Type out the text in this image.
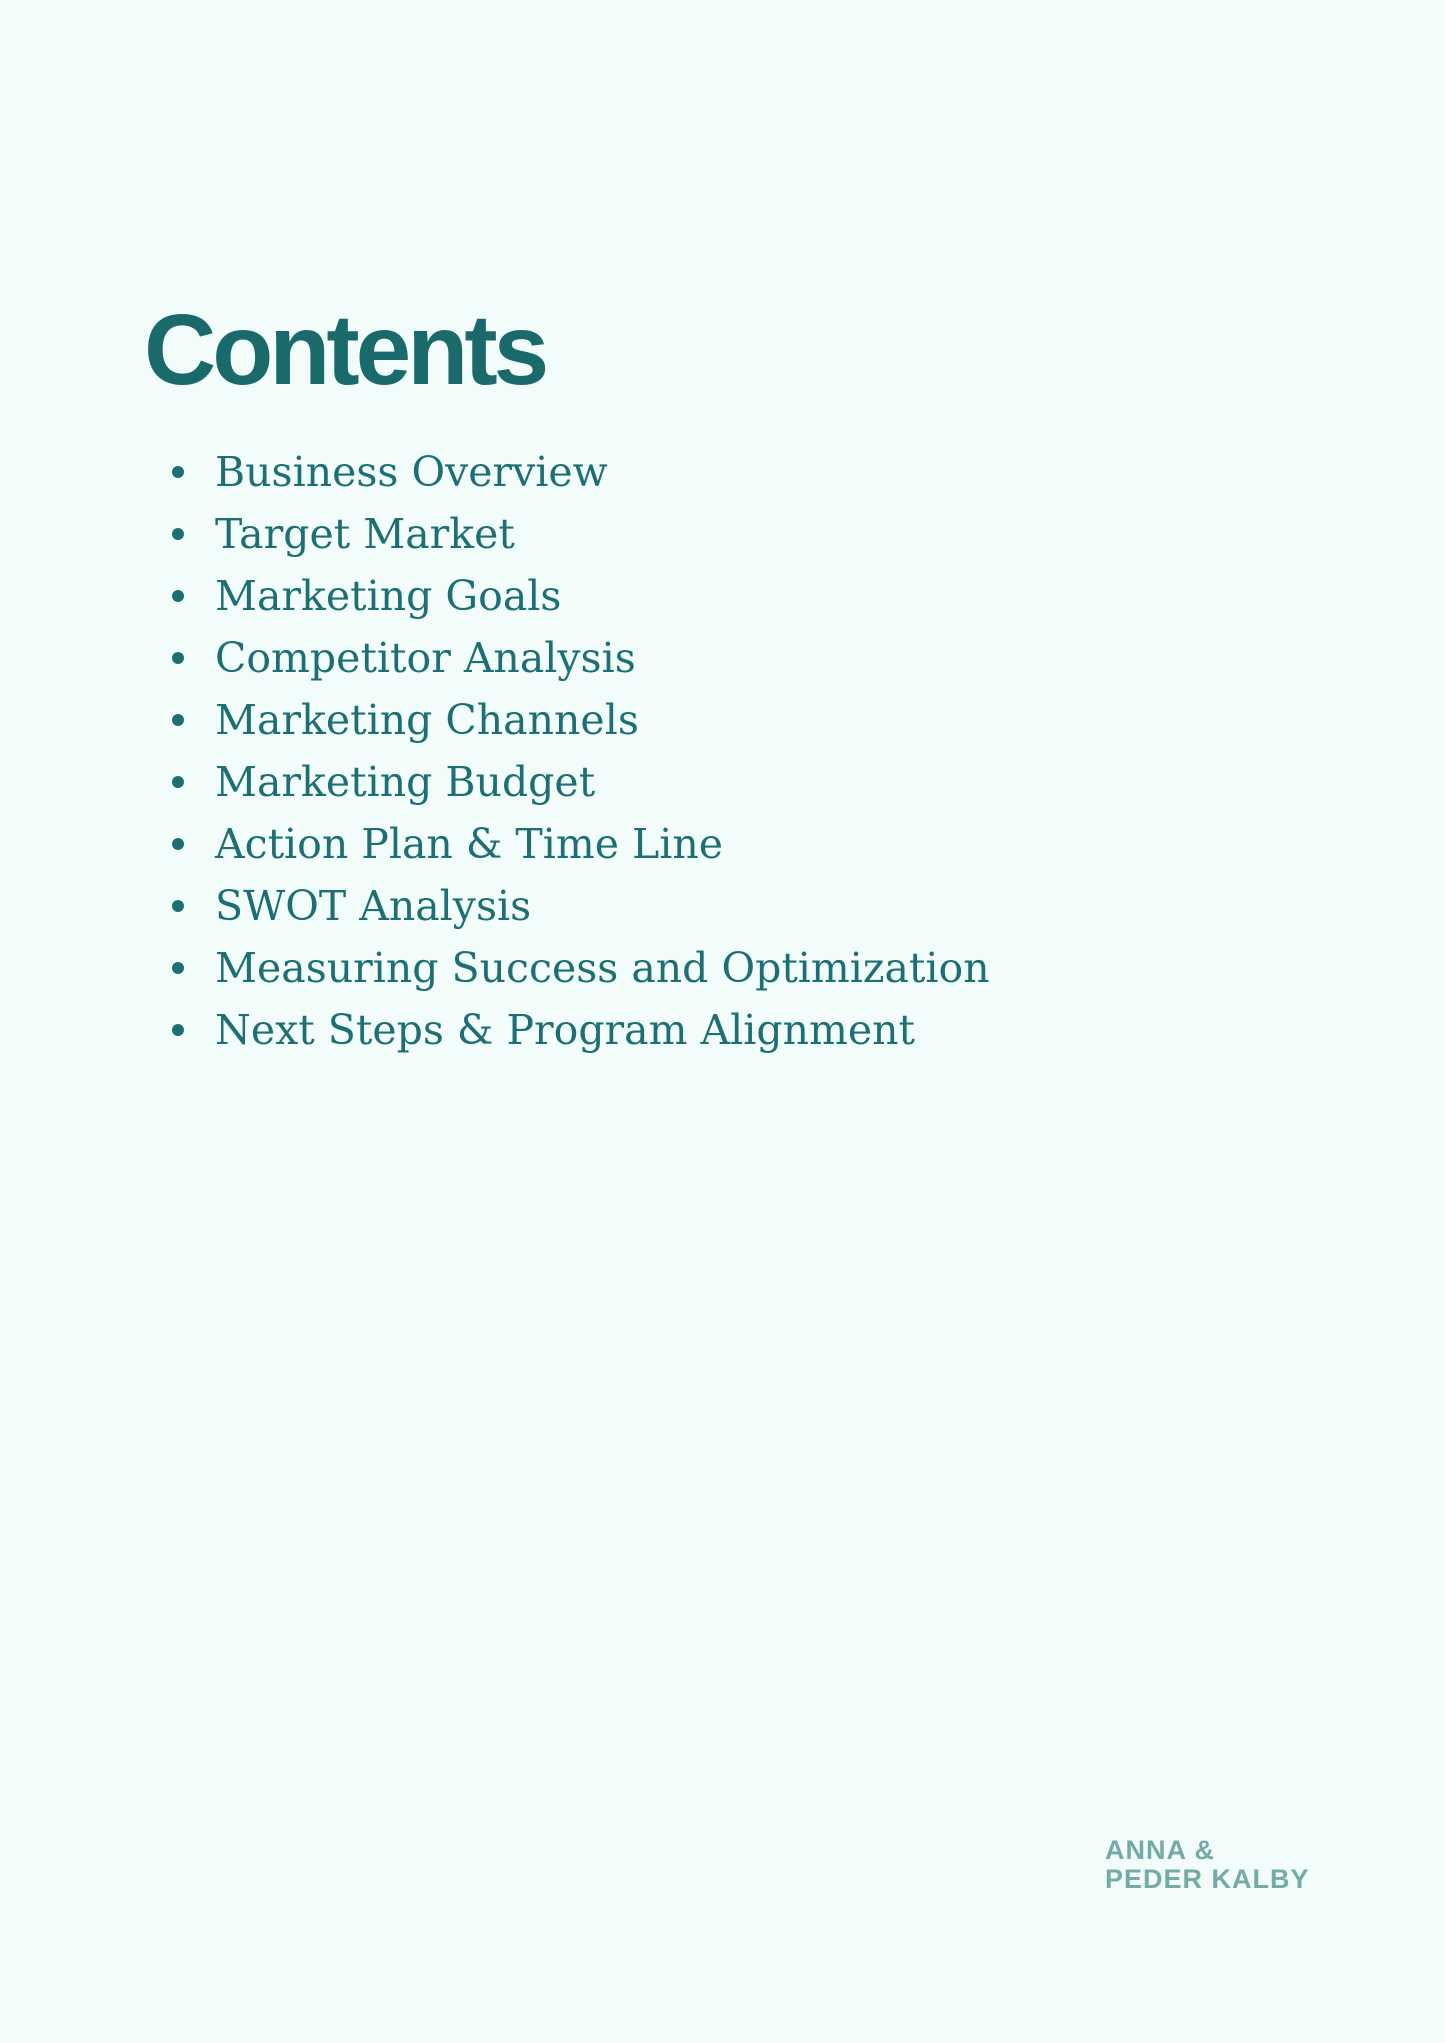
Contents
Business Overview
Target Market
Marketing Goals
Competitor Analysis
Marketing Channels
Marketing Budget
Action Plan & Time Line
SWOT Analysis
Measuring Success and Optimization
Next Steps & Program Alignment
ANNA &
PEDER KALBY
